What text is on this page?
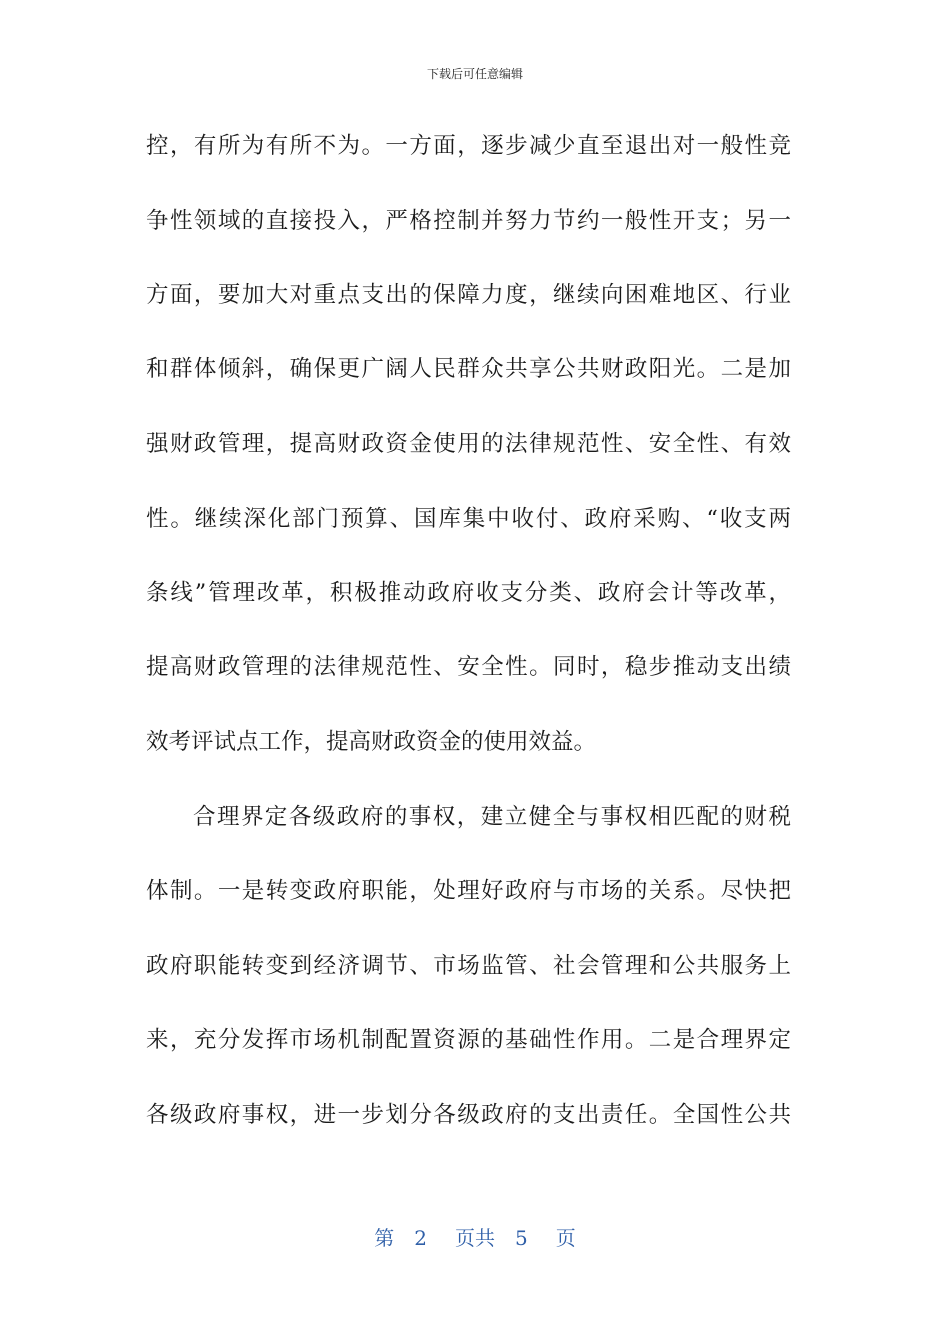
下载后可任意编辑
控，有所为有所不为。一方面，逐步减少直至退出对一般性竞
争性领域的直接投入，严格控制并努力节约一般性开支；另一
方面，要加大对重点支出的保障力度，继续向困难地区、行业
和群体倾斜，确保更广阔人民群众共享公共财政阳光。二是加
强财政管理，提高财政资金使用的法律规范性、安全性、有效
性。继续深化部门预算、国库集中收付、政府采购、“收支两
条线”管理改革，积极推动政府收支分类、政府会计等改革，
提高财政管理的法律规范性、安全性。同时，稳步推动支出绩
效考评试点工作，提高财政资金的使用效益。
合理界定各级政府的事权，建立健全与事权相匹配的财税
体制。一是转变政府职能，处理好政府与市场的关系。尽快把
政府职能转变到经济调节、市场监管、社会管理和公共服务上
来，充分发挥市场机制配置资源的基础性作用。二是合理界定
各级政府事权，进一步划分各级政府的支出责任。全国性公共
第 2 页共 5 页
